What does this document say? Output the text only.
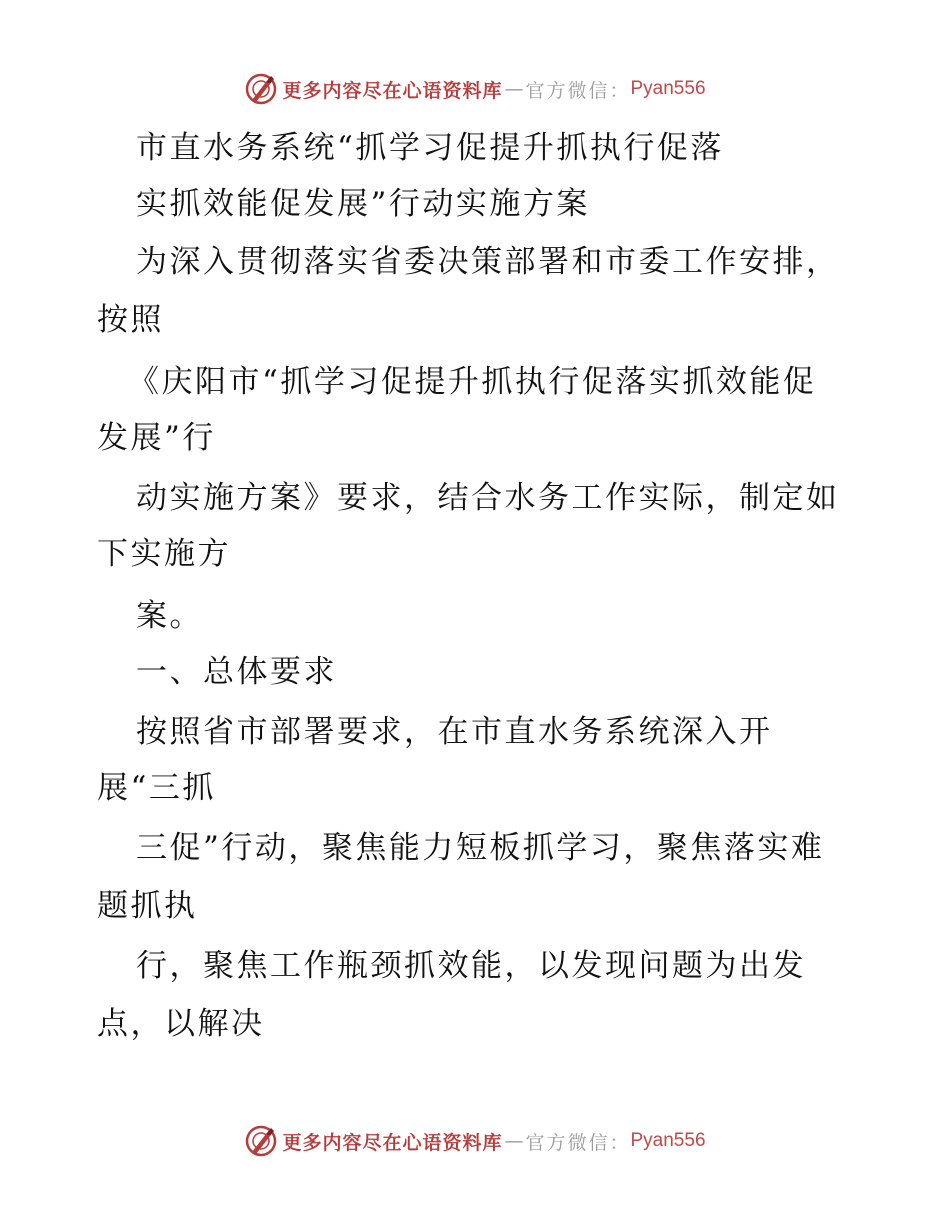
更多内容尽在心语资料库 — 官方微信： Pyan556
市直水务系统“抓学习促提升抓执行促落
实抓效能促发展”行动实施方案
为深入贯彻落实省委决策部署和市委工作安排，
按照
《庆阳市“抓学习促提升抓执行促落实抓效能促
发展”行
动实施方案》要求，结合水务工作实际，制定如
下实施方
案。
一、总体要求
按照省市部署要求，在市直水务系统深入开
展“三抓
三促”行动，聚焦能力短板抓学习，聚焦落实难
题抓执
行，聚焦工作瓶颈抓效能，以发现问题为出发
点，以解决
更多内容尽在心语资料库 — 官方微信： Pyan556
